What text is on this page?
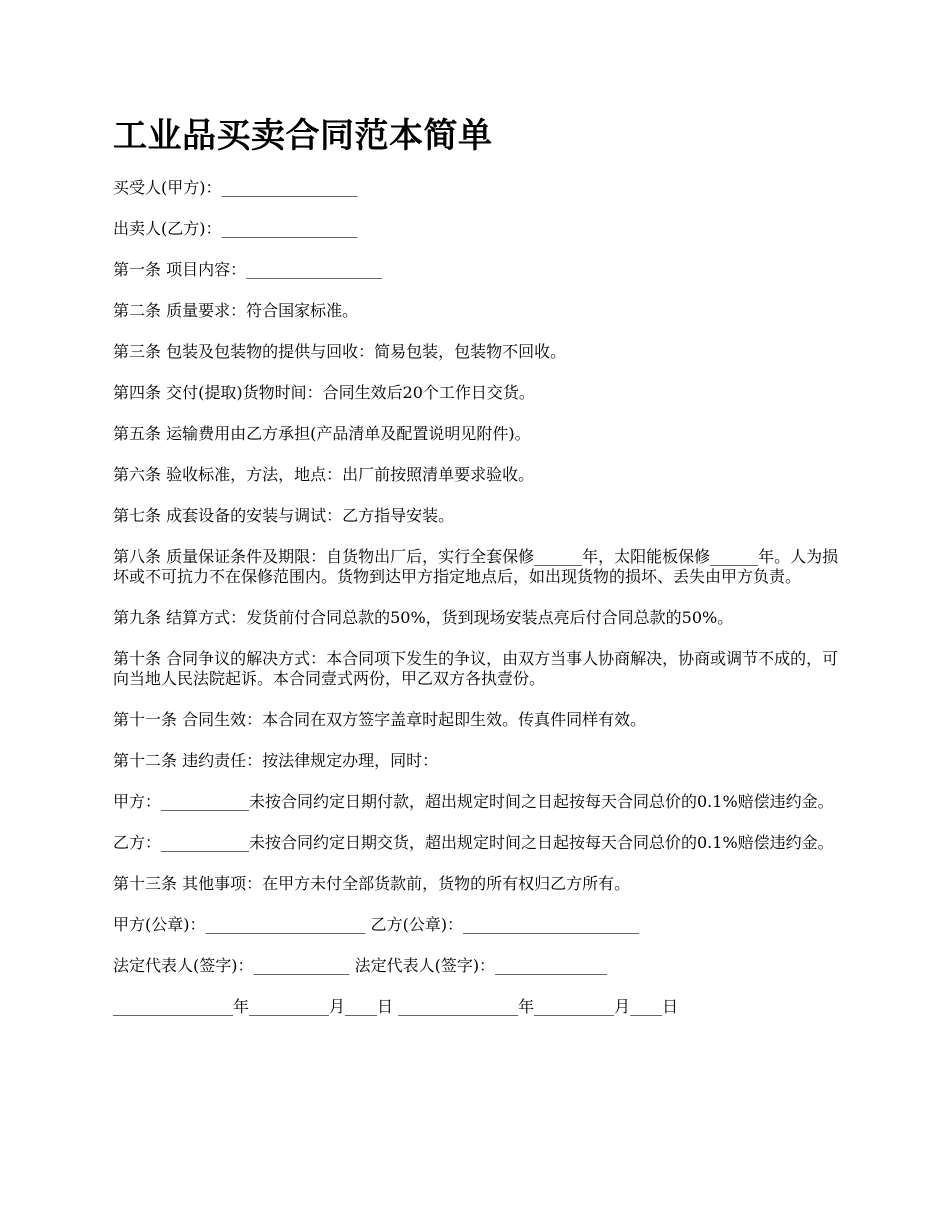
工业品买卖合同范本简单

买受人(甲方)：_________________

出卖人(乙方)：_________________

第一条 项目内容：_________________

第二条 质量要求：符合国家标准。

第三条 包装及包装物的提供与回收：简易包装，包装物不回收。

第四条 交付(提取)货物时间：合同生效后20个工作日交货。

第五条 运输费用由乙方承担(产品清单及配置说明见附件)。

第六条 验收标准，方法，地点：出厂前按照清单要求验收。

第七条 成套设备的安装与调试：乙方指导安装。

第八条 质量保证条件及期限：自货物出厂后，实行全套保修______年，太阳能板保修______年。人为损坏或不可抗力不在保修范围内。货物到达甲方指定地点后，如出现货物的损坏、丢失由甲方负责。

第九条 结算方式：发货前付合同总款的50%，货到现场安装点亮后付合同总款的50%。

第十条 合同争议的解决方式：本合同项下发生的争议，由双方当事人协商解决，协商或调节不成的，可向当地人民法院起诉。本合同壹式两份，甲乙双方各执壹份。

第十一条 合同生效：本合同在双方签字盖章时起即生效。传真件同样有效。

第十二条 违约责任：按法律规定办理，同时：

甲方：___________未按合同约定日期付款，超出规定时间之日起按每天合同总价的0.1%赔偿违约金。

乙方：___________未按合同约定日期交货，超出规定时间之日起按每天合同总价的0.1%赔偿违约金。

第十三条 其他事项：在甲方未付全部货款前，货物的所有权归乙方所有。

甲方(公章)：____________________ 乙方(公章)：______________________

法定代表人(签字)：____________ 法定代表人(签字)：______________

_______________年__________月____日 _______________年__________月____日
